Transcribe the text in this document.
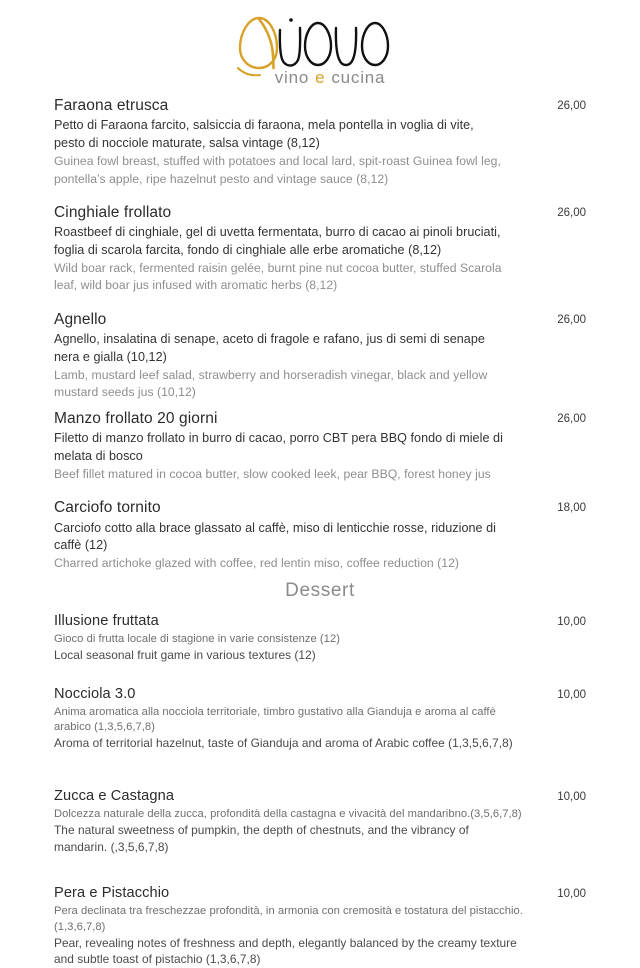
vino e cucina
Faraona etrusca	26,00
Petto di Faraona farcito, salsiccia di faraona, mela pontella in voglia di vite, pesto di nocciole maturate, salsa vintage (8,12)
Guinea fowl breast, stuffed with potatoes and local lard, spit-roast Guinea fowl leg, pontella’s apple, ripe hazelnut pesto and vintage sauce (8,12)
Cinghiale frollato	26,00
Roastbeef di cinghiale, gel di uvetta fermentata, burro di cacao ai pinoli bruciati, foglia di scarola farcita, fondo di cinghiale alle erbe aromatiche (8,12)
Wild boar rack, fermented raisin gelée, burnt pine nut cocoa butter, stuffed Scarola leaf, wild boar jus infused with aromatic herbs (8,12)
Agnello	26,00
Agnello, insalatina di senape, aceto di fragole e rafano, jus di semi di senape nera e gialla (10,12)
Lamb, mustard leef salad, strawberry and horseradish vinegar, black and yellow mustard seeds jus (10,12)
Manzo frollato 20 giorni	26,00
Filetto di manzo frollato in burro di cacao, porro CBT pera BBQ fondo di miele di melata di bosco
Beef fillet matured in cocoa butter, slow cooked leek, pear BBQ, forest honey jus
Carciofo tornito	18,00
Carciofo cotto alla brace glassato al caffè, miso di lenticchie rosse, riduzione di caffè (12)
Charred artichoke glazed with coffee, red lentin miso, coffee reduction (12)
Dessert
Illusione fruttata	10,00
Gioco di frutta locale di stagione in varie consistenze (12)
Local seasonal fruit game in various textures (12)
Nocciola 3.0	10,00
Anima aromatica alla nocciola territoriale, timbro gustativo alla Gianduja e aroma al caffè arabico (1,3,5,6,7,8)
Aroma of territorial hazelnut, taste of Gianduja and aroma of Arabic coffee (1,3,5,6,7,8)
Zucca e Castagna	10,00
Dolcezza naturale della zucca, profondità della castagna e vivacità del mandaribno.(3,5,6,7,8)
The natural sweetness of pumpkin, the depth of chestnuts, and the vibrancy of mandarin. (,3,5,6,7,8)
Pera e Pistacchio	10,00
Pera declinata tra freschezzae profondità, in armonia con cremosità e tostatura del pistacchio. (1,3,6,7,8)
Pear, revealing notes of freshness and depth, elegantly balanced by the creamy texture and subtle toast of pistachio (1,3,6,7,8)
